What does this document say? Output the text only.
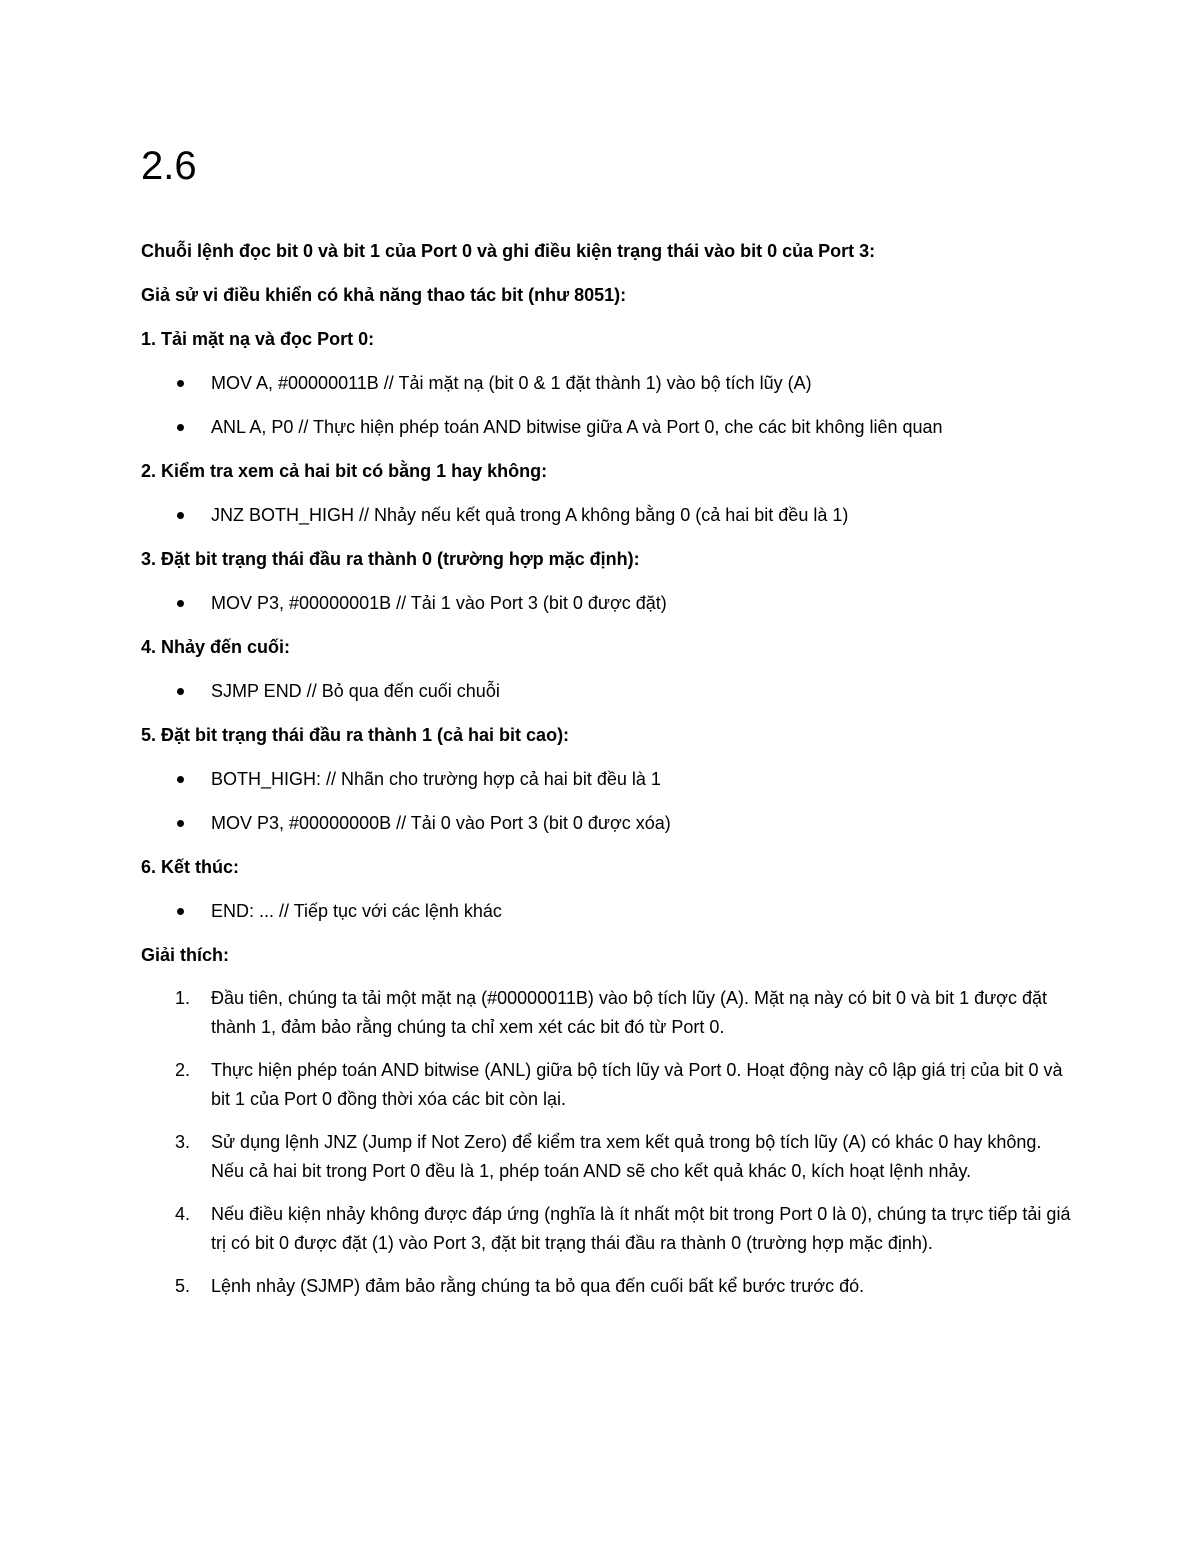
2.6

Chuỗi lệnh đọc bit 0 và bit 1 của Port 0 và ghi điều kiện trạng thái vào bit 0 của Port 3:

Giả sử vi điều khiển có khả năng thao tác bit (như 8051):

1. Tải mặt nạ và đọc Port 0:

MOV A, #00000011B // Tải mặt nạ (bit 0 & 1 đặt thành 1) vào bộ tích lũy (A)
ANL A, P0 // Thực hiện phép toán AND bitwise giữa A và Port 0, che các bit không liên quan

2. Kiểm tra xem cả hai bit có bằng 1 hay không:

JNZ BOTH_HIGH // Nhảy nếu kết quả trong A không bằng 0 (cả hai bit đều là 1)

3. Đặt bit trạng thái đầu ra thành 0 (trường hợp mặc định):

MOV P3, #00000001B // Tải 1 vào Port 3 (bit 0 được đặt)

4. Nhảy đến cuối:

SJMP END // Bỏ qua đến cuối chuỗi

5. Đặt bit trạng thái đầu ra thành 1 (cả hai bit cao):

BOTH_HIGH: // Nhãn cho trường hợp cả hai bit đều là 1
MOV P3, #00000000B // Tải 0 vào Port 3 (bit 0 được xóa)

6. Kết thúc:

END: ... // Tiếp tục với các lệnh khác

Giải thích:

1. Đầu tiên, chúng ta tải một mặt nạ (#00000011B) vào bộ tích lũy (A). Mặt nạ này có bit 0 và bit 1 được đặt thành 1, đảm bảo rằng chúng ta chỉ xem xét các bit đó từ Port 0.
2. Thực hiện phép toán AND bitwise (ANL) giữa bộ tích lũy và Port 0. Hoạt động này cô lập giá trị của bit 0 và bit 1 của Port 0 đồng thời xóa các bit còn lại.
3. Sử dụng lệnh JNZ (Jump if Not Zero) để kiểm tra xem kết quả trong bộ tích lũy (A) có khác 0 hay không. Nếu cả hai bit trong Port 0 đều là 1, phép toán AND sẽ cho kết quả khác 0, kích hoạt lệnh nhảy.
4. Nếu điều kiện nhảy không được đáp ứng (nghĩa là ít nhất một bit trong Port 0 là 0), chúng ta trực tiếp tải giá trị có bit 0 được đặt (1) vào Port 3, đặt bit trạng thái đầu ra thành 0 (trường hợp mặc định).
5. Lệnh nhảy (SJMP) đảm bảo rằng chúng ta bỏ qua đến cuối bất kể bước trước đó.
